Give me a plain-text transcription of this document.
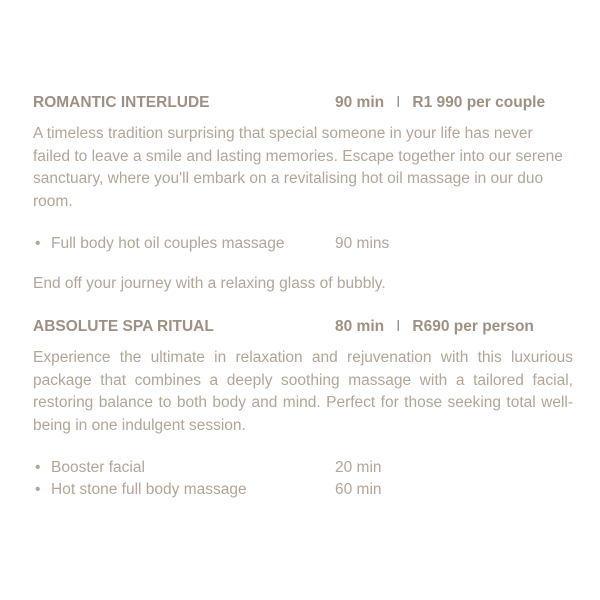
ROMANTIC INTERLUDE	90 min I R1 990 per couple

A timeless tradition surprising that special someone in your life has never failed to leave a smile and lasting memories. Escape together into our serene sanctuary, where you'll embark on a revitalising hot oil massage in our duo room.

• Full body hot oil couples massage	90 mins

End off your journey with a relaxing glass of bubbly.

ABSOLUTE SPA RITUAL	80 min I R690 per person

Experience the ultimate in relaxation and rejuvenation with this luxurious package that combines a deeply soothing massage with a tailored facial, restoring balance to both body and mind. Perfect for those seeking total well-being in one indulgent session.

• Booster facial	20 min
• Hot stone full body massage	60 min
